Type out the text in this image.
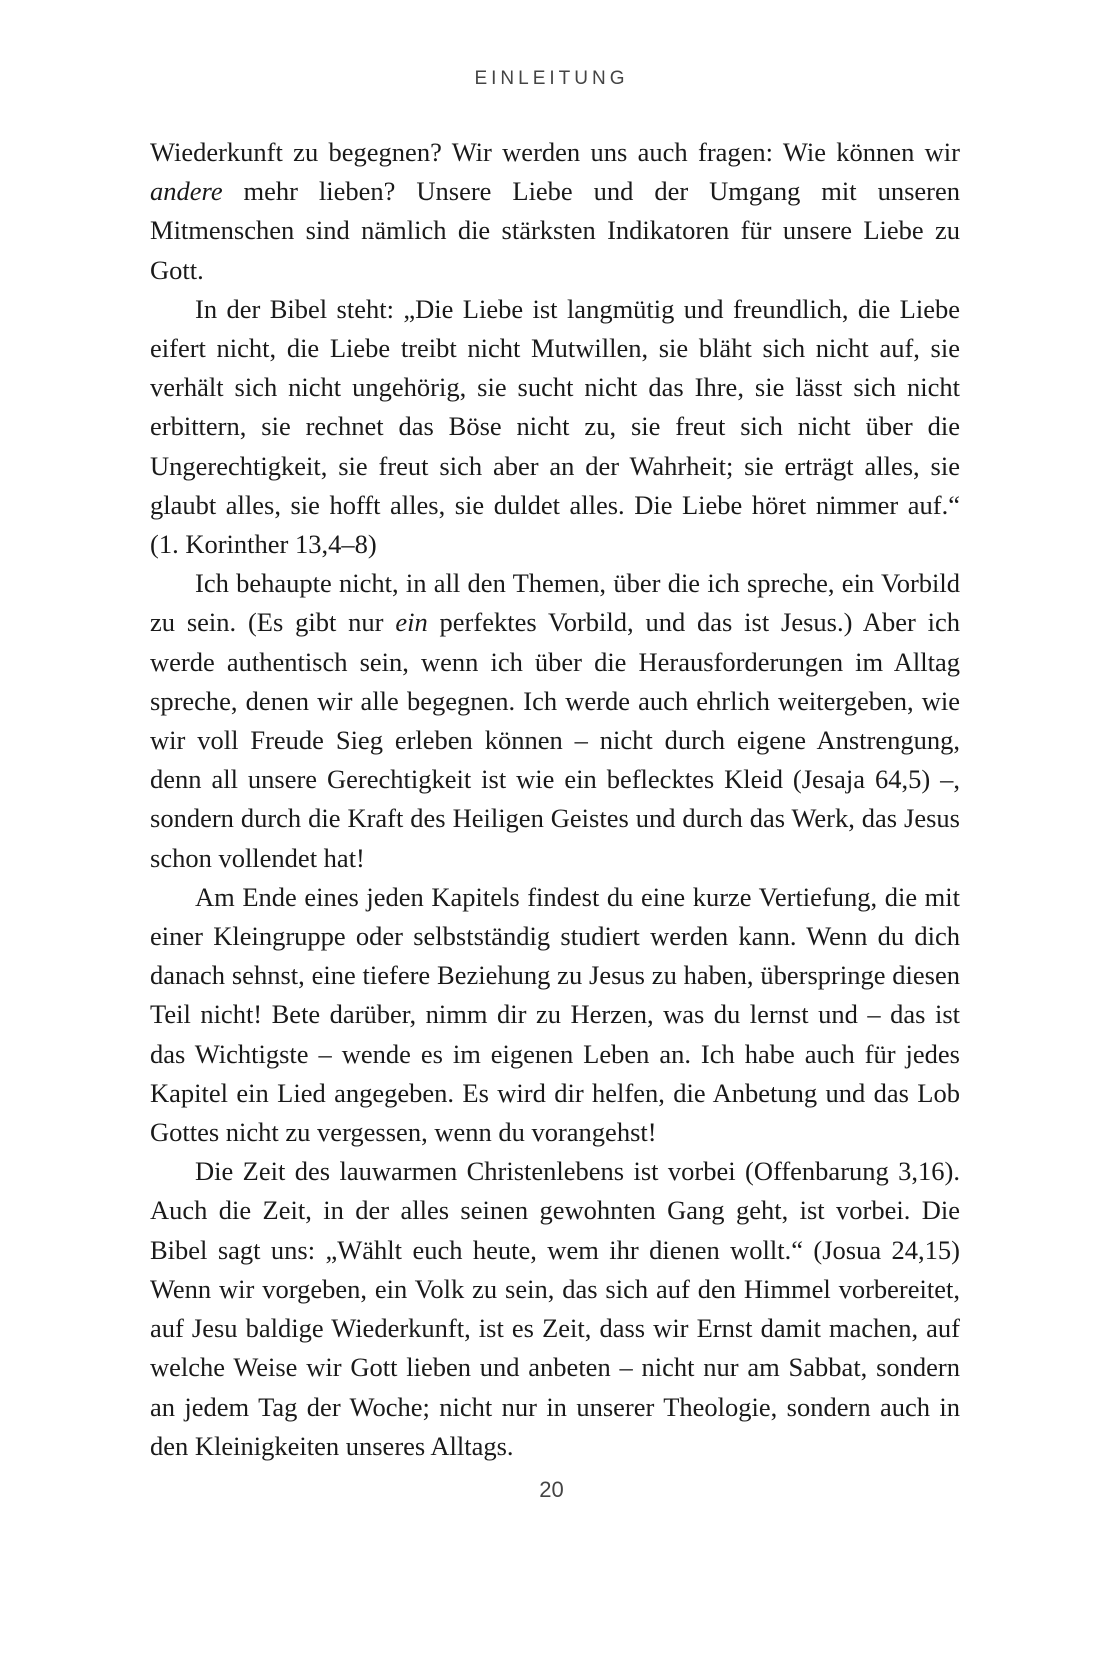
EINLEITUNG

Wiederkunft zu begegnen? Wir werden uns auch fragen: Wie können wir andere mehr lieben? Unsere Liebe und der Umgang mit unseren Mitmenschen sind nämlich die stärksten Indikatoren für unsere Liebe zu Gott.

In der Bibel steht: „Die Liebe ist langmütig und freundlich, die Liebe eifert nicht, die Liebe treibt nicht Mutwillen, sie bläht sich nicht auf, sie verhält sich nicht ungehörig, sie sucht nicht das Ihre, sie lässt sich nicht erbittern, sie rechnet das Böse nicht zu, sie freut sich nicht über die Ungerechtigkeit, sie freut sich aber an der Wahrheit; sie erträgt alles, sie glaubt alles, sie hofft alles, sie duldet alles. Die Liebe höret nimmer auf.“ (1. Korinther 13,4–8)

Ich behaupte nicht, in all den Themen, über die ich spreche, ein Vorbild zu sein. (Es gibt nur ein perfektes Vorbild, und das ist Jesus.) Aber ich werde authentisch sein, wenn ich über die Herausforderungen im Alltag spreche, denen wir alle begegnen. Ich werde auch ehrlich weitergeben, wie wir voll Freude Sieg erleben können – nicht durch eigene Anstrengung, denn all unsere Gerechtigkeit ist wie ein beflecktes Kleid (Jesaja 64,5) –, sondern durch die Kraft des Heiligen Geistes und durch das Werk, das Jesus schon vollendet hat!

Am Ende eines jeden Kapitels findest du eine kurze Vertiefung, die mit einer Kleingruppe oder selbstständig studiert werden kann. Wenn du dich danach sehnst, eine tiefere Beziehung zu Jesus zu haben, überspringe diesen Teil nicht! Bete darüber, nimm dir zu Herzen, was du lernst und – das ist das Wichtigste – wende es im eigenen Leben an. Ich habe auch für jedes Kapitel ein Lied angegeben. Es wird dir helfen, die Anbetung und das Lob Gottes nicht zu vergessen, wenn du vorangehst!

Die Zeit des lauwarmen Christenlebens ist vorbei (Offenbarung 3,16). Auch die Zeit, in der alles seinen gewohnten Gang geht, ist vorbei. Die Bibel sagt uns: „Wählt euch heute, wem ihr dienen wollt.“ (Josua 24,15) Wenn wir vorgeben, ein Volk zu sein, das sich auf den Himmel vorbereitet, auf Jesu baldige Wiederkunft, ist es Zeit, dass wir Ernst damit machen, auf welche Weise wir Gott lieben und anbeten – nicht nur am Sabbat, sondern an jedem Tag der Woche; nicht nur in unserer Theologie, sondern auch in den Kleinigkeiten unseres Alltags.

20
